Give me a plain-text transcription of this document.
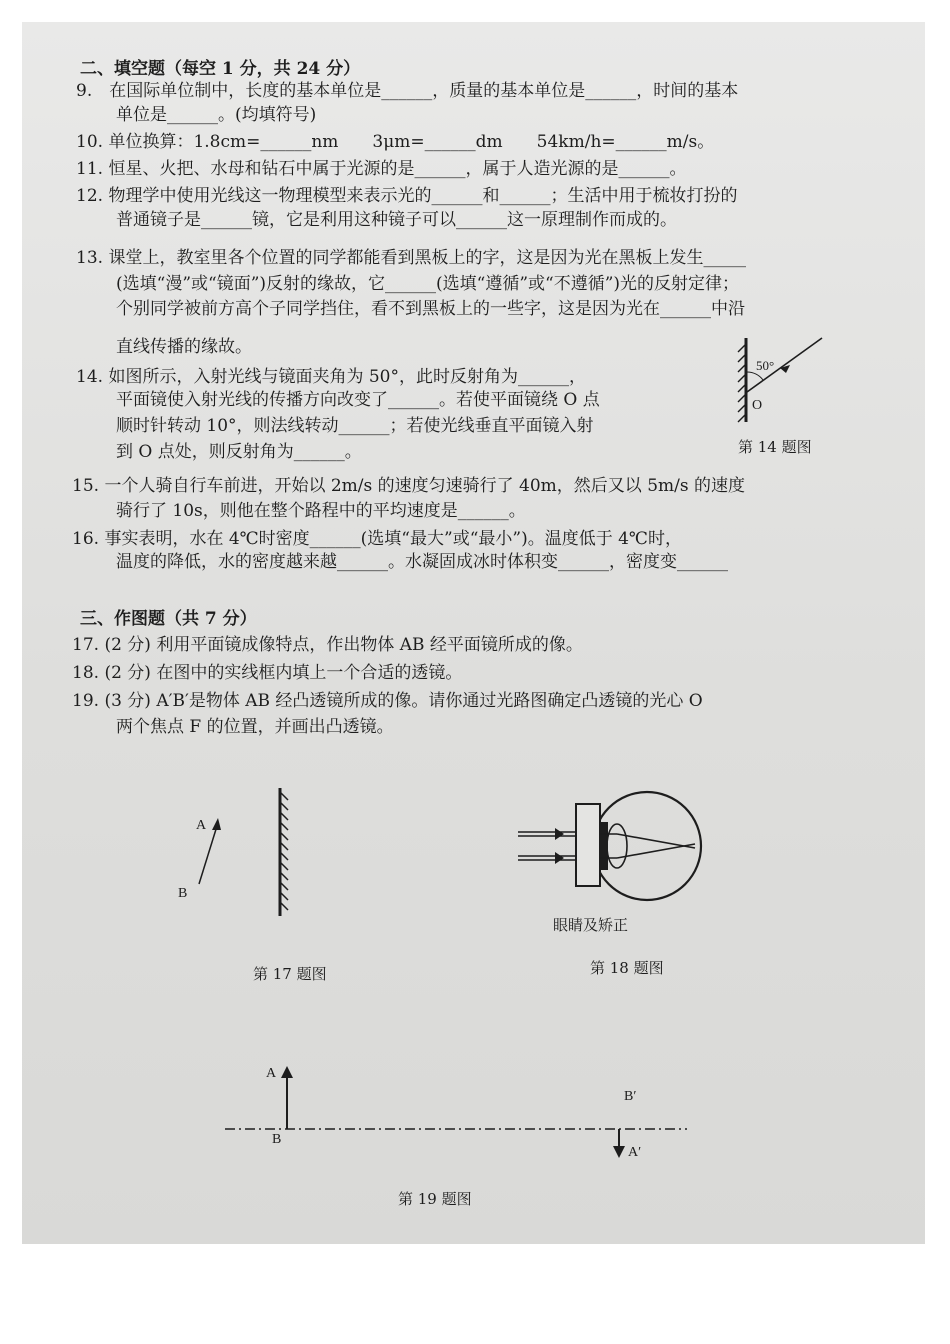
二、填空题（每空 1 分，共 24 分）
9.　在国际单位制中，长度的基本单位是______，质量的基本单位是______，时间的基本
单位是______。(均填符号)
10. 单位换算：1.8cm=______nm　　3μm=______dm　　54km/h=______m/s。
11. 恒星、火把、水母和钻石中属于光源的是______，属于人造光源的是______。
12. 物理学中使用光线这一物理模型来表示光的______和______；生活中用于梳妆打扮的
普通镜子是______镜，它是利用这种镜子可以______这一原理制作而成的。
13. 课堂上，教室里各个位置的同学都能看到黑板上的字，这是因为光在黑板上发生_____
(选填“漫”或“镜面”)反射的缘故，它______(选填“遵循”或“不遵循”)光的反射定律；
个别同学被前方高个子同学挡住，看不到黑板上的一些字，这是因为光在______中沿
直线传播的缘故。
14. 如图所示，入射光线与镜面夹角为 50°，此时反射角为______，
平面镜使入射光线的传播方向改变了______。若使平面镜绕 O 点
顺时针转动 10°，则法线转动______；若使光线垂直平面镜入射
到 O 点处，则反射角为______。
50°
O
第 14 题图
15. 一个人骑自行车前进，开始以 2m/s 的速度匀速骑行了 40m，然后又以 5m/s 的速度
骑行了 10s，则他在整个路程中的平均速度是______。
16. 事实表明，水在 4℃时密度______(选填“最大”或“最小”)。温度低于 4℃时，
温度的降低，水的密度越来越______。水凝固成冰时体积变______，密度变______
三、作图题（共 7 分）
17. (2 分) 利用平面镜成像特点，作出物体 AB 经平面镜所成的像。
18. (2 分) 在图中的实线框内填上一个合适的透镜。
19. (3 分) A′B′是物体 AB 经凸透镜所成的像。请你通过光路图确定凸透镜的光心 O
两个焦点 F 的位置，并画出凸透镜。
A
B
第 17 题图
眼睛及矫正
第 18 题图
A
B
B′
A′
第 19 题图
